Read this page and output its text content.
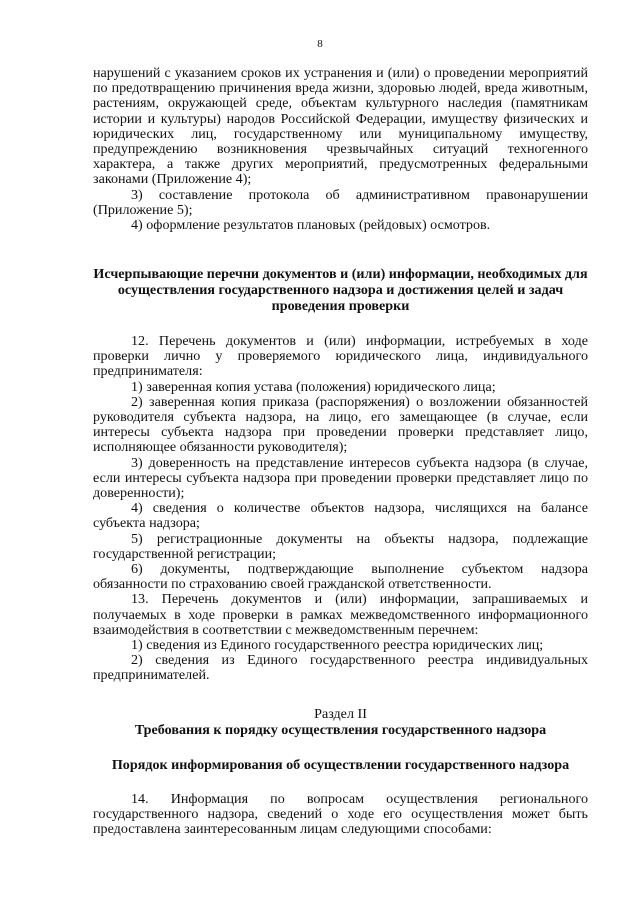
8

нарушений с указанием сроков их устранения и (или) о проведении мероприятий по предотвращению причинения вреда жизни, здоровью людей, вреда животным, растениям, окружающей среде, объектам культурного наследия (памятникам истории и культуры) народов Российской Федерации, имуществу физических и юридических лиц, государственному или муниципальному имуществу, предупреждению возникновения чрезвычайных ситуаций техногенного характера, а также других мероприятий, предусмотренных федеральными законами (Приложение 4);

3) составление протокола об административном правонарушении (Приложение 5);

4) оформление результатов плановых (рейдовых) осмотров.

Исчерпывающие перечни документов и (или) информации, необходимых для осуществления государственного надзора и достижения целей и задач проведения проверки

12. Перечень документов и (или) информации, истребуемых в ходе проверки лично у проверяемого юридического лица, индивидуального предпринимателя:

1) заверенная копия устава (положения) юридического лица;

2) заверенная копия приказа (распоряжения) о возложении обязанностей руководителя субъекта надзора, на лицо, его замещающее (в случае, если интересы субъекта надзора при проведении проверки представляет лицо, исполняющее обязанности руководителя);

3) доверенность на представление интересов субъекта надзора (в случае, если интересы субъекта надзора при проведении проверки представляет лицо по доверенности);

4) сведения о количестве объектов надзора, числящихся на балансе субъекта надзора;

5) регистрационные документы на объекты надзора, подлежащие государственной регистрации;

6) документы, подтверждающие выполнение субъектом надзора обязанности по страхованию своей гражданской ответственности.

13. Перечень документов и (или) информации, запрашиваемых и получаемых в ходе проверки в рамках межведомственного информационного взаимодействия в соответствии с межведомственным перечнем:

1) сведения из Единого государственного реестра юридических лиц;

2) сведения из Единого государственного реестра индивидуальных предпринимателей.

Раздел II

Требования к порядку осуществления государственного надзора

Порядок информирования об осуществлении государственного надзора

14. Информация по вопросам осуществления регионального государственного надзора, сведений о ходе его осуществления может быть предоставлена заинтересованным лицам следующими способами:
